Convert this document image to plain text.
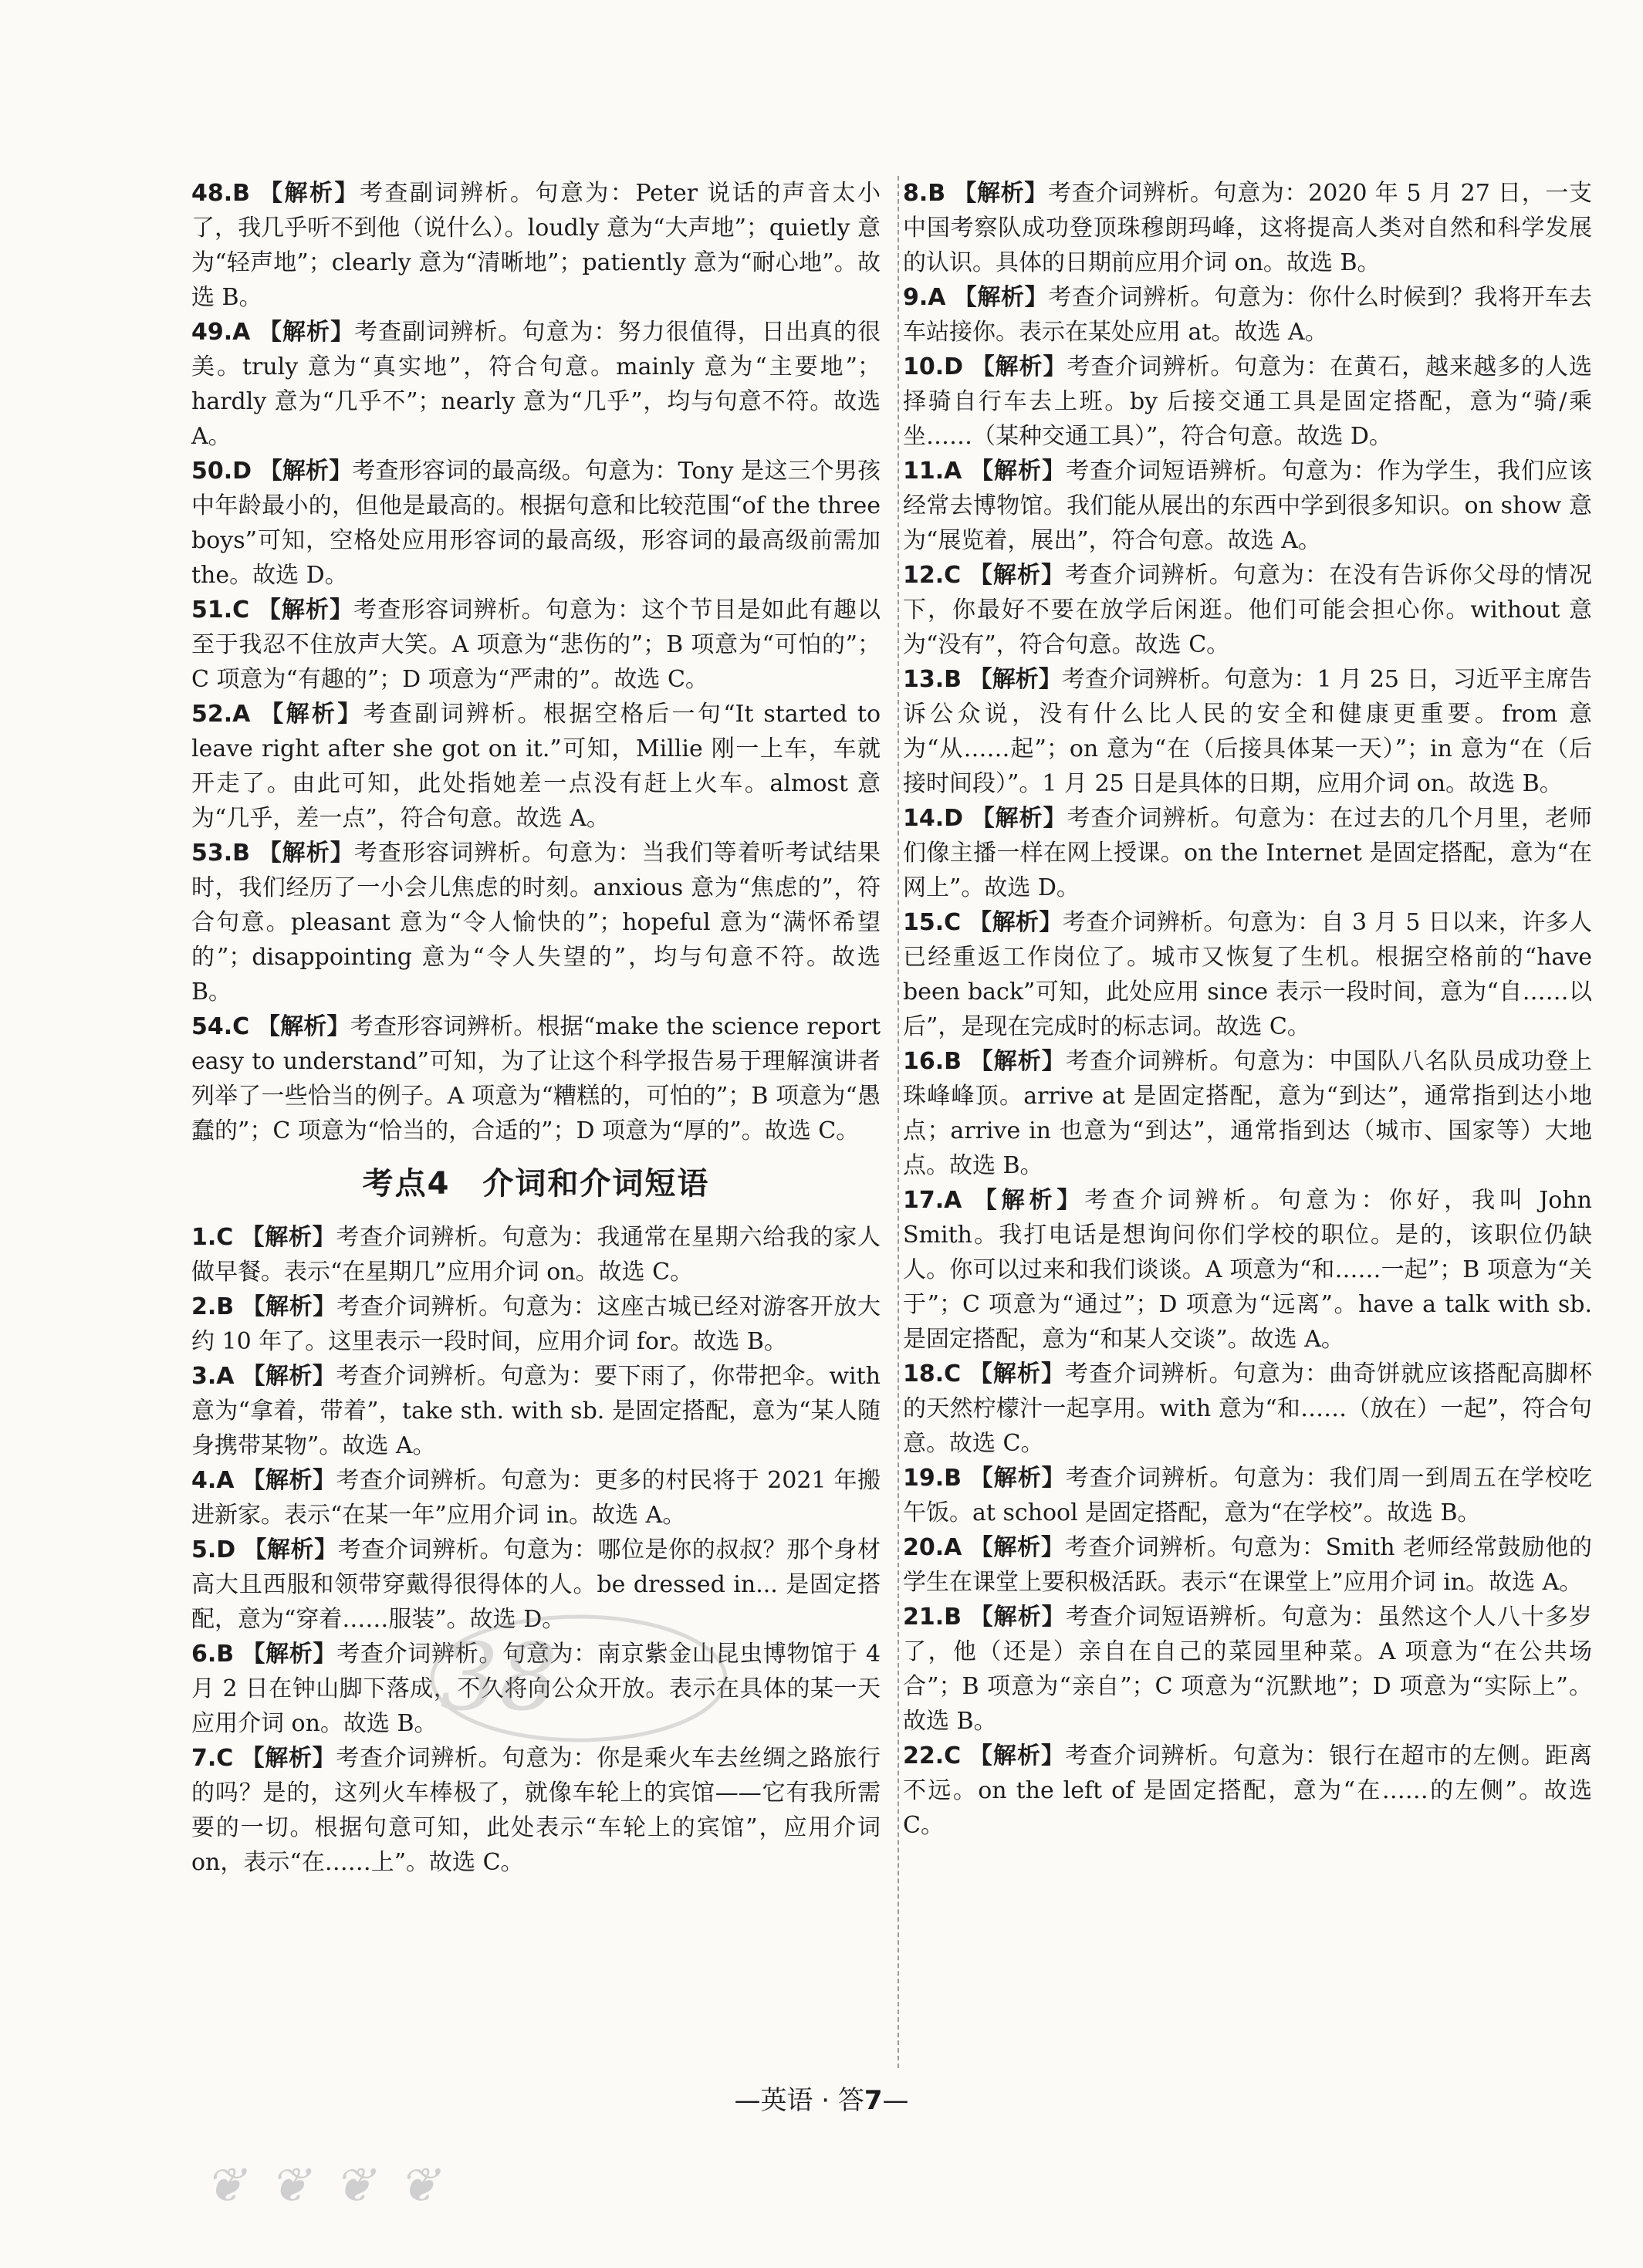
48.B 【解析】考查副词辨析。句意为：Peter 说话的声音太小了，我几乎听不到他（说什么）。loudly 意为“大声地”；quietly 意为“轻声地”；clearly 意为“清晰地”；patiently 意为“耐心地”。故选 B。

49.A 【解析】考查副词辨析。句意为：努力很值得，日出真的很美。truly 意为“真实地”，符合句意。mainly 意为“主要地”；hardly 意为“几乎不”；nearly 意为“几乎”，均与句意不符。故选 A。

50.D 【解析】考查形容词的最高级。句意为：Tony 是这三个男孩中年龄最小的，但他是最高的。根据句意和比较范围“of the three boys”可知，空格处应用形容词的最高级，形容词的最高级前需加 the。故选 D。

51.C 【解析】考查形容词辨析。句意为：这个节目是如此有趣以至于我忍不住放声大笑。A 项意为“悲伤的”；B 项意为“可怕的”；C 项意为“有趣的”；D 项意为“严肃的”。故选 C。

52.A 【解析】考查副词辨析。根据空格后一句“It started to leave right after she got on it.”可知，Millie 刚一上车，车就开走了。由此可知，此处指她差一点没有赶上火车。almost 意为“几乎，差一点”，符合句意。故选 A。

53.B 【解析】考查形容词辨析。句意为：当我们等着听考试结果时，我们经历了一小会儿焦虑的时刻。anxious 意为“焦虑的”，符合句意。pleasant 意为“令人愉快的”；hopeful 意为“满怀希望的”；disappointing 意为“令人失望的”，均与句意不符。故选 B。

54.C 【解析】考查形容词辨析。根据“make the science report easy to understand”可知，为了让这个科学报告易于理解演讲者列举了一些恰当的例子。A 项意为“糟糕的，可怕的”；B 项意为“愚蠢的”；C 项意为“恰当的，合适的”；D 项意为“厚的”。故选 C。

考点4　介词和介词短语

1.C 【解析】考查介词辨析。句意为：我通常在星期六给我的家人做早餐。表示“在星期几”应用介词 on。故选 C。

2.B 【解析】考查介词辨析。句意为：这座古城已经对游客开放大约 10 年了。这里表示一段时间，应用介词 for。故选 B。

3.A 【解析】考查介词辨析。句意为：要下雨了，你带把伞。with 意为“拿着，带着”，take sth. with sb. 是固定搭配，意为“某人随身携带某物”。故选 A。

4.A 【解析】考查介词辨析。句意为：更多的村民将于 2021 年搬进新家。表示“在某一年”应用介词 in。故选 A。

5.D 【解析】考查介词辨析。句意为：哪位是你的叔叔？那个身材高大且西服和领带穿戴得很得体的人。be dressed in... 是固定搭配，意为“穿着……服装”。故选 D。

6.B 【解析】考查介词辨析。句意为：南京紫金山昆虫博物馆于 4 月 2 日在钟山脚下落成，不久将向公众开放。表示在具体的某一天应用介词 on。故选 B。

7.C 【解析】考查介词辨析。句意为：你是乘火车去丝绸之路旅行的吗？是的，这列火车棒极了，就像车轮上的宾馆——它有我所需要的一切。根据句意可知，此处表示“车轮上的宾馆”，应用介词 on，表示“在……上”。故选 C。

8.B 【解析】考查介词辨析。句意为：2020 年 5 月 27 日，一支中国考察队成功登顶珠穆朗玛峰，这将提高人类对自然和科学发展的认识。具体的日期前应用介词 on。故选 B。

9.A 【解析】考查介词辨析。句意为：你什么时候到？我将开车去车站接你。表示在某处应用 at。故选 A。

10.D 【解析】考查介词辨析。句意为：在黄石，越来越多的人选择骑自行车去上班。by 后接交通工具是固定搭配，意为“骑/乘坐……（某种交通工具）”，符合句意。故选 D。

11.A 【解析】考查介词短语辨析。句意为：作为学生，我们应该经常去博物馆。我们能从展出的东西中学到很多知识。on show 意为“展览着，展出”，符合句意。故选 A。

12.C 【解析】考查介词辨析。句意为：在没有告诉你父母的情况下，你最好不要在放学后闲逛。他们可能会担心你。without 意为“没有”，符合句意。故选 C。

13.B 【解析】考查介词辨析。句意为：1 月 25 日，习近平主席告诉公众说，没有什么比人民的安全和健康更重要。from 意为“从……起”；on 意为“在（后接具体某一天）”；in 意为“在（后接时间段）”。1 月 25 日是具体的日期，应用介词 on。故选 B。

14.D 【解析】考查介词辨析。句意为：在过去的几个月里，老师们像主播一样在网上授课。on the Internet 是固定搭配，意为“在网上”。故选 D。

15.C 【解析】考查介词辨析。句意为：自 3 月 5 日以来，许多人已经重返工作岗位了。城市又恢复了生机。根据空格前的“have been back”可知，此处应用 since 表示一段时间，意为“自……以后”，是现在完成时的标志词。故选 C。

16.B 【解析】考查介词辨析。句意为：中国队八名队员成功登上珠峰峰顶。arrive at 是固定搭配，意为“到达”，通常指到达小地点；arrive in 也意为“到达”，通常指到达（城市、国家等）大地点。故选 B。

17.A 【解析】考查介词辨析。句意为：你好，我叫 John Smith。我打电话是想询问你们学校的职位。是的，该职位仍缺人。你可以过来和我们谈谈。A 项意为“和……一起”；B 项意为“关于”；C 项意为“通过”；D 项意为“远离”。have a talk with sb. 是固定搭配，意为“和某人交谈”。故选 A。

18.C 【解析】考查介词辨析。句意为：曲奇饼就应该搭配高脚杯的天然柠檬汁一起享用。with 意为“和……（放在）一起”，符合句意。故选 C。

19.B 【解析】考查介词辨析。句意为：我们周一到周五在学校吃午饭。at school 是固定搭配，意为“在学校”。故选 B。

20.A 【解析】考查介词辨析。句意为：Smith 老师经常鼓励他的学生在课堂上要积极活跃。表示“在课堂上”应用介词 in。故选 A。

21.B 【解析】考查介词短语辨析。句意为：虽然这个人八十多岁了，他（还是）亲自在自己的菜园里种菜。A 项意为“在公共场合”；B 项意为“亲自”；C 项意为“沉默地”；D 项意为“实际上”。故选 B。

22.C 【解析】考查介词辨析。句意为：银行在超市的左侧。距离不远。on the left of 是固定搭配，意为“在……的左侧”。故选 C。

38
❦ ❦ ❦ ❦
—英语 · 答7—
